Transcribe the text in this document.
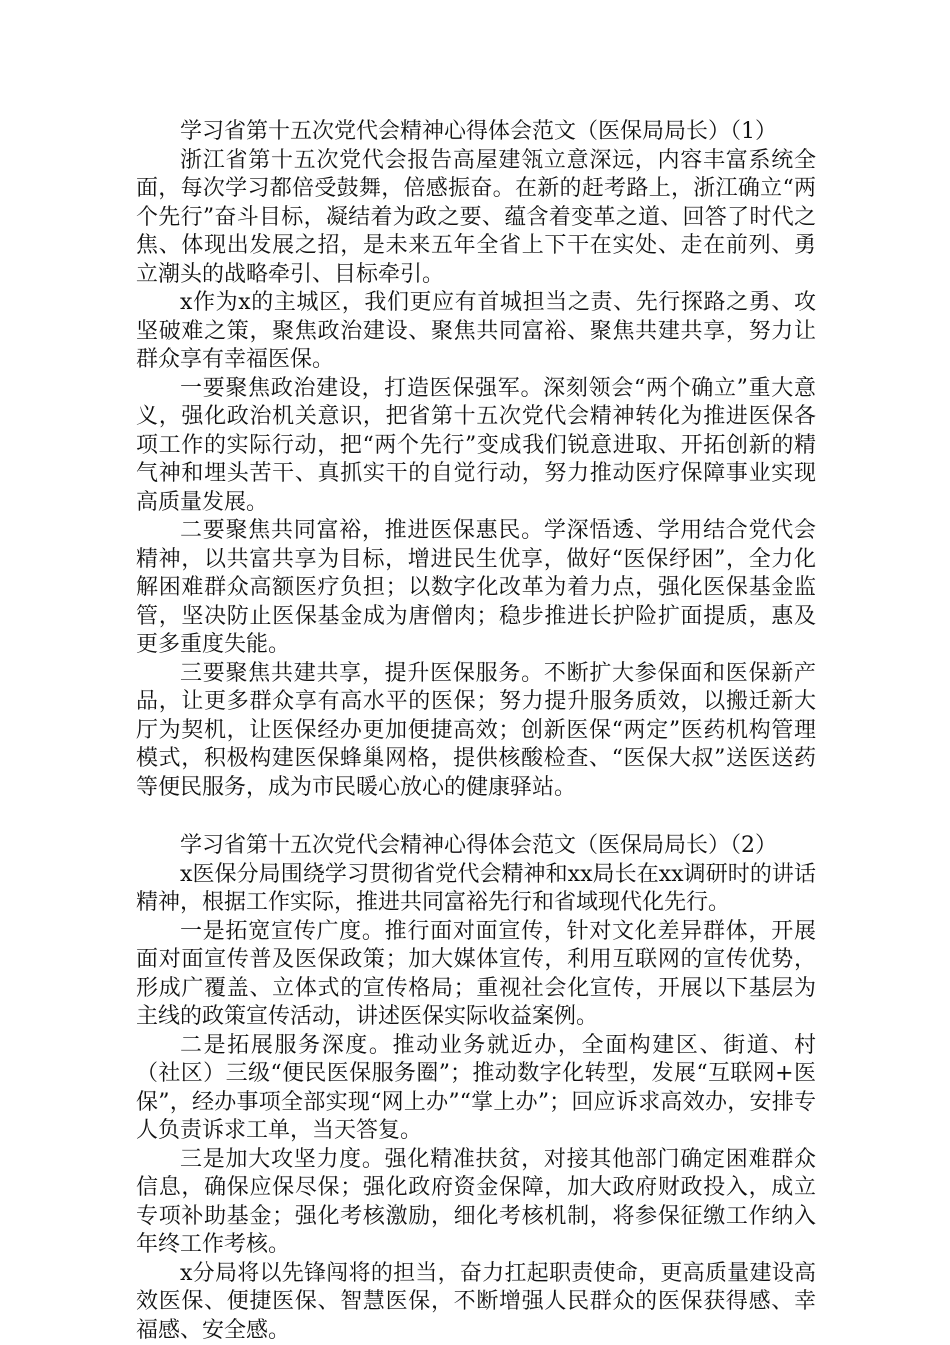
学习省第十五次党代会精神心得体会范文（医保局局长）（1）

浙江省第十五次党代会报告高屋建瓴立意深远，内容丰富系统全面，每次学习都倍受鼓舞，倍感振奋。在新的赶考路上，浙江确立“两个先行”奋斗目标，凝结着为政之要、蕴含着变革之道、回答了时代之焦、体现出发展之招，是未来五年全省上下干在实处、走在前列、勇立潮头的战略牵引、目标牵引。

x作为x的主城区，我们更应有首城担当之责、先行探路之勇、攻坚破难之策，聚焦政治建设、聚焦共同富裕、聚焦共建共享，努力让群众享有幸福医保。

一要聚焦政治建设，打造医保强军。深刻领会“两个确立”重大意义，强化政治机关意识，把省第十五次党代会精神转化为推进医保各项工作的实际行动，把“两个先行”变成我们锐意进取、开拓创新的精气神和埋头苦干、真抓实干的自觉行动，努力推动医疗保障事业实现高质量发展。

二要聚焦共同富裕，推进医保惠民。学深悟透、学用结合党代会精神，以共富共享为目标，增进民生优享，做好“医保纾困”，全力化解困难群众高额医疗负担；以数字化改革为着力点，强化医保基金监管，坚决防止医保基金成为唐僧肉；稳步推进长护险扩面提质，惠及更多重度失能。

三要聚焦共建共享，提升医保服务。不断扩大参保面和医保新产品，让更多群众享有高水平的医保；努力提升服务质效，以搬迁新大厅为契机，让医保经办更加便捷高效；创新医保“两定”医药机构管理模式，积极构建医保蜂巢网格，提供核酸检查、“医保大叔”送医送药等便民服务，成为市民暖心放心的健康驿站。

学习省第十五次党代会精神心得体会范文（医保局局长）（2）

x医保分局围绕学习贯彻省党代会精神和xx局长在xx调研时的讲话精神，根据工作实际，推进共同富裕先行和省域现代化先行。

一是拓宽宣传广度。推行面对面宣传，针对文化差异群体，开展面对面宣传普及医保政策；加大媒体宣传，利用互联网的宣传优势，形成广覆盖、立体式的宣传格局；重视社会化宣传，开展以下基层为主线的政策宣传活动，讲述医保实际收益案例。

二是拓展服务深度。推动业务就近办，全面构建区、街道、村（社区）三级“便民医保服务圈”；推动数字化转型，发展“互联网+医保”，经办事项全部实现“网上办”“掌上办”；回应诉求高效办，安排专人负责诉求工单，当天答复。

三是加大攻坚力度。强化精准扶贫，对接其他部门确定困难群众信息，确保应保尽保；强化政府资金保障，加大政府财政投入，成立专项补助基金；强化考核激励，细化考核机制，将参保征缴工作纳入年终工作考核。

x分局将以先锋闯将的担当，奋力扛起职责使命，更高质量建设高效医保、便捷医保、智慧医保，不断增强人民群众的医保获得感、幸福感、安全感。
